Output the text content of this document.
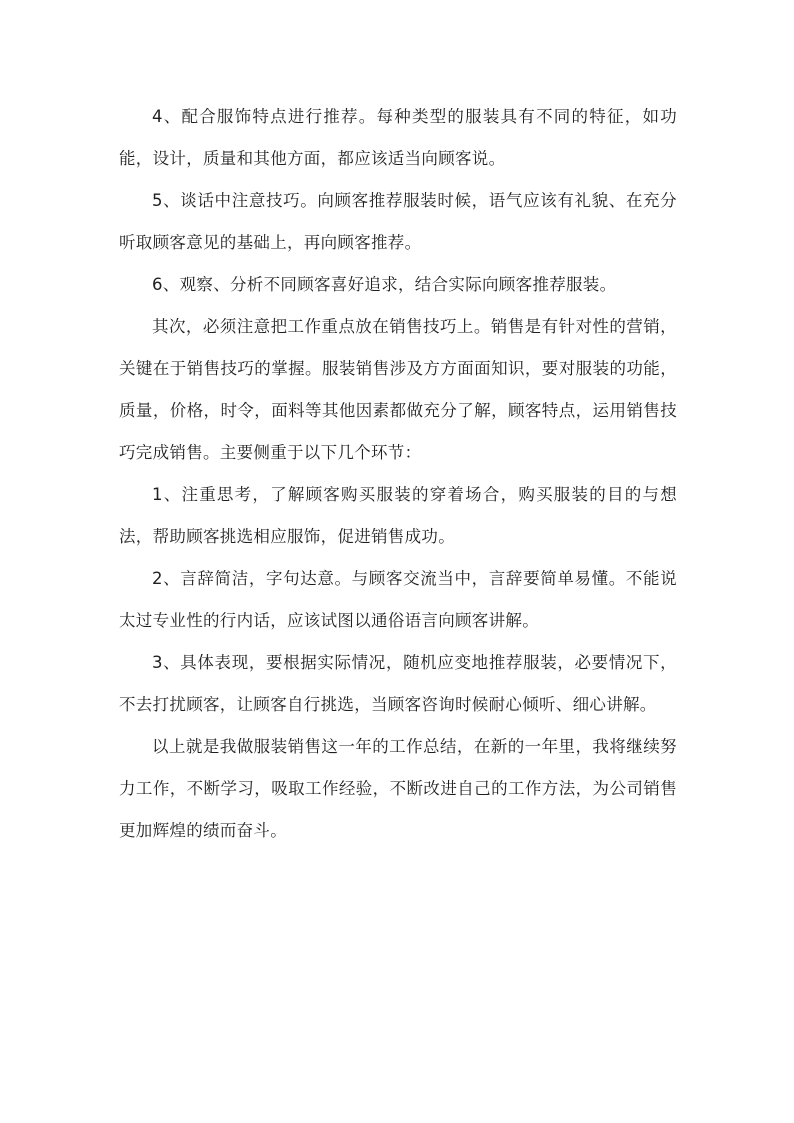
4、配合服饰特点进行推荐。每种类型的服装具有不同的特征，如功能，设计，质量和其他方面，都应该适当向顾客说。

5、谈话中注意技巧。向顾客推荐服装时候，语气应该有礼貌、在充分听取顾客意见的基础上，再向顾客推荐。

6、观察、分析不同顾客喜好追求，结合实际向顾客推荐服装。

其次，必须注意把工作重点放在销售技巧上。销售是有针对性的营销，关键在于销售技巧的掌握。服装销售涉及方方面面知识，要对服装的功能，质量，价格，时令，面料等其他因素都做充分了解，顾客特点，运用销售技巧完成销售。主要侧重于以下几个环节：

1、注重思考，了解顾客购买服装的穿着场合，购买服装的目的与想法，帮助顾客挑选相应服饰，促进销售成功。

2、言辞简洁，字句达意。与顾客交流当中，言辞要简单易懂。不能说太过专业性的行内话，应该试图以通俗语言向顾客讲解。

3、具体表现，要根据实际情况，随机应变地推荐服装，必要情况下，不去打扰顾客，让顾客自行挑选，当顾客咨询时候耐心倾听、细心讲解。

以上就是我做服装销售这一年的工作总结，在新的一年里，我将继续努力工作，不断学习，吸取工作经验，不断改进自己的工作方法，为公司销售更加辉煌的绩而奋斗。
